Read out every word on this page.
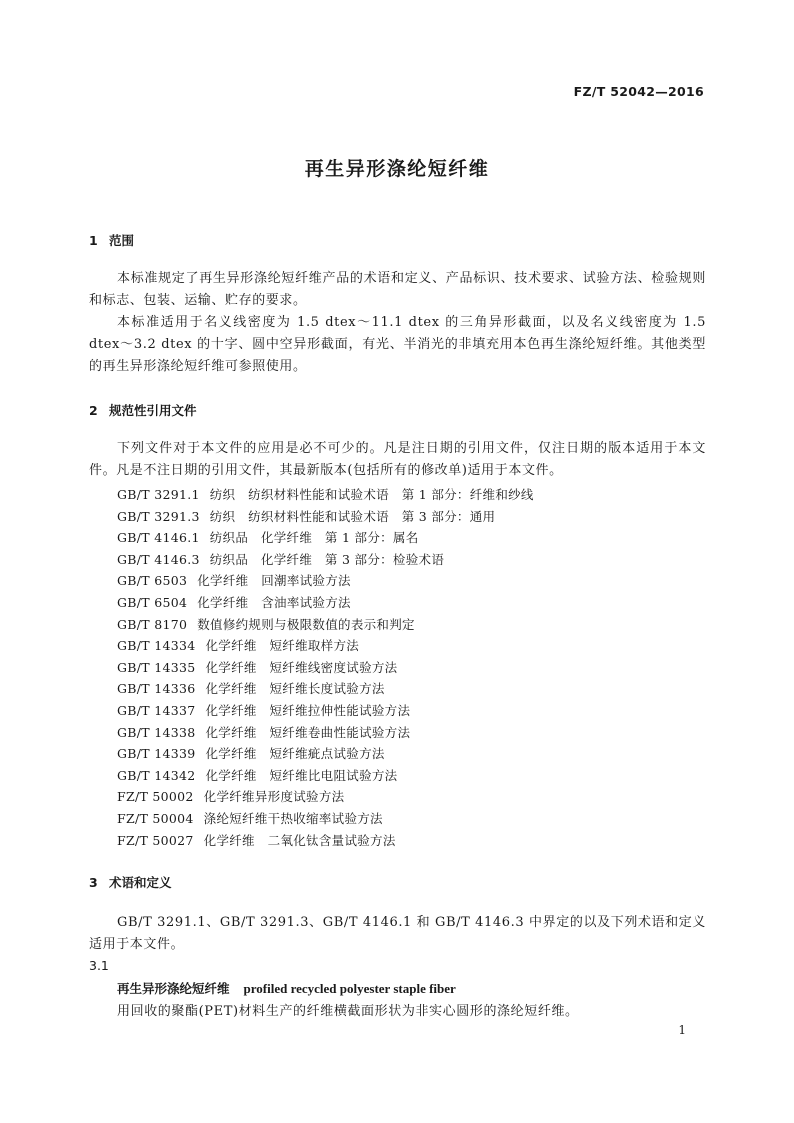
FZ/T 52042—2016
再生异形涤纶短纤维
1 范围
本标准规定了再生异形涤纶短纤维产品的术语和定义、产品标识、技术要求、试验方法、检验规则和标志、包装、运输、贮存的要求。
本标准适用于名义线密度为 1.5 dtex～11.1 dtex 的三角异形截面，以及名义线密度为 1.5 dtex～3.2 dtex 的十字、圆中空异形截面，有光、半消光的非填充用本色再生涤纶短纤维。其他类型的再生异形涤纶短纤维可参照使用。
2 规范性引用文件
下列文件对于本文件的应用是必不可少的。凡是注日期的引用文件，仅注日期的版本适用于本文件。凡是不注日期的引用文件，其最新版本(包括所有的修改单)适用于本文件。
GB/T 3291.1 纺织　纺织材料性能和试验术语　第 1 部分：纤维和纱线
GB/T 3291.3 纺织　纺织材料性能和试验术语　第 3 部分：通用
GB/T 4146.1 纺织品　化学纤维　第 1 部分：属名
GB/T 4146.3 纺织品　化学纤维　第 3 部分：检验术语
GB/T 6503 化学纤维　回潮率试验方法
GB/T 6504 化学纤维　含油率试验方法
GB/T 8170 数值修约规则与极限数值的表示和判定
GB/T 14334 化学纤维　短纤维取样方法
GB/T 14335 化学纤维　短纤维线密度试验方法
GB/T 14336 化学纤维　短纤维长度试验方法
GB/T 14337 化学纤维　短纤维拉伸性能试验方法
GB/T 14338 化学纤维　短纤维卷曲性能试验方法
GB/T 14339 化学纤维　短纤维疵点试验方法
GB/T 14342 化学纤维　短纤维比电阻试验方法
FZ/T 50002 化学纤维异形度试验方法
FZ/T 50004 涤纶短纤维干热收缩率试验方法
FZ/T 50027 化学纤维　二氧化钛含量试验方法
3 术语和定义
GB/T 3291.1、GB/T 3291.3、GB/T 4146.1 和 GB/T 4146.3 中界定的以及下列术语和定义适用于本文件。
3.1
再生异形涤纶短纤维 profiled recycled polyester staple fiber
用回收的聚酯(PET)材料生产的纤维横截面形状为非实心圆形的涤纶短纤维。
1
